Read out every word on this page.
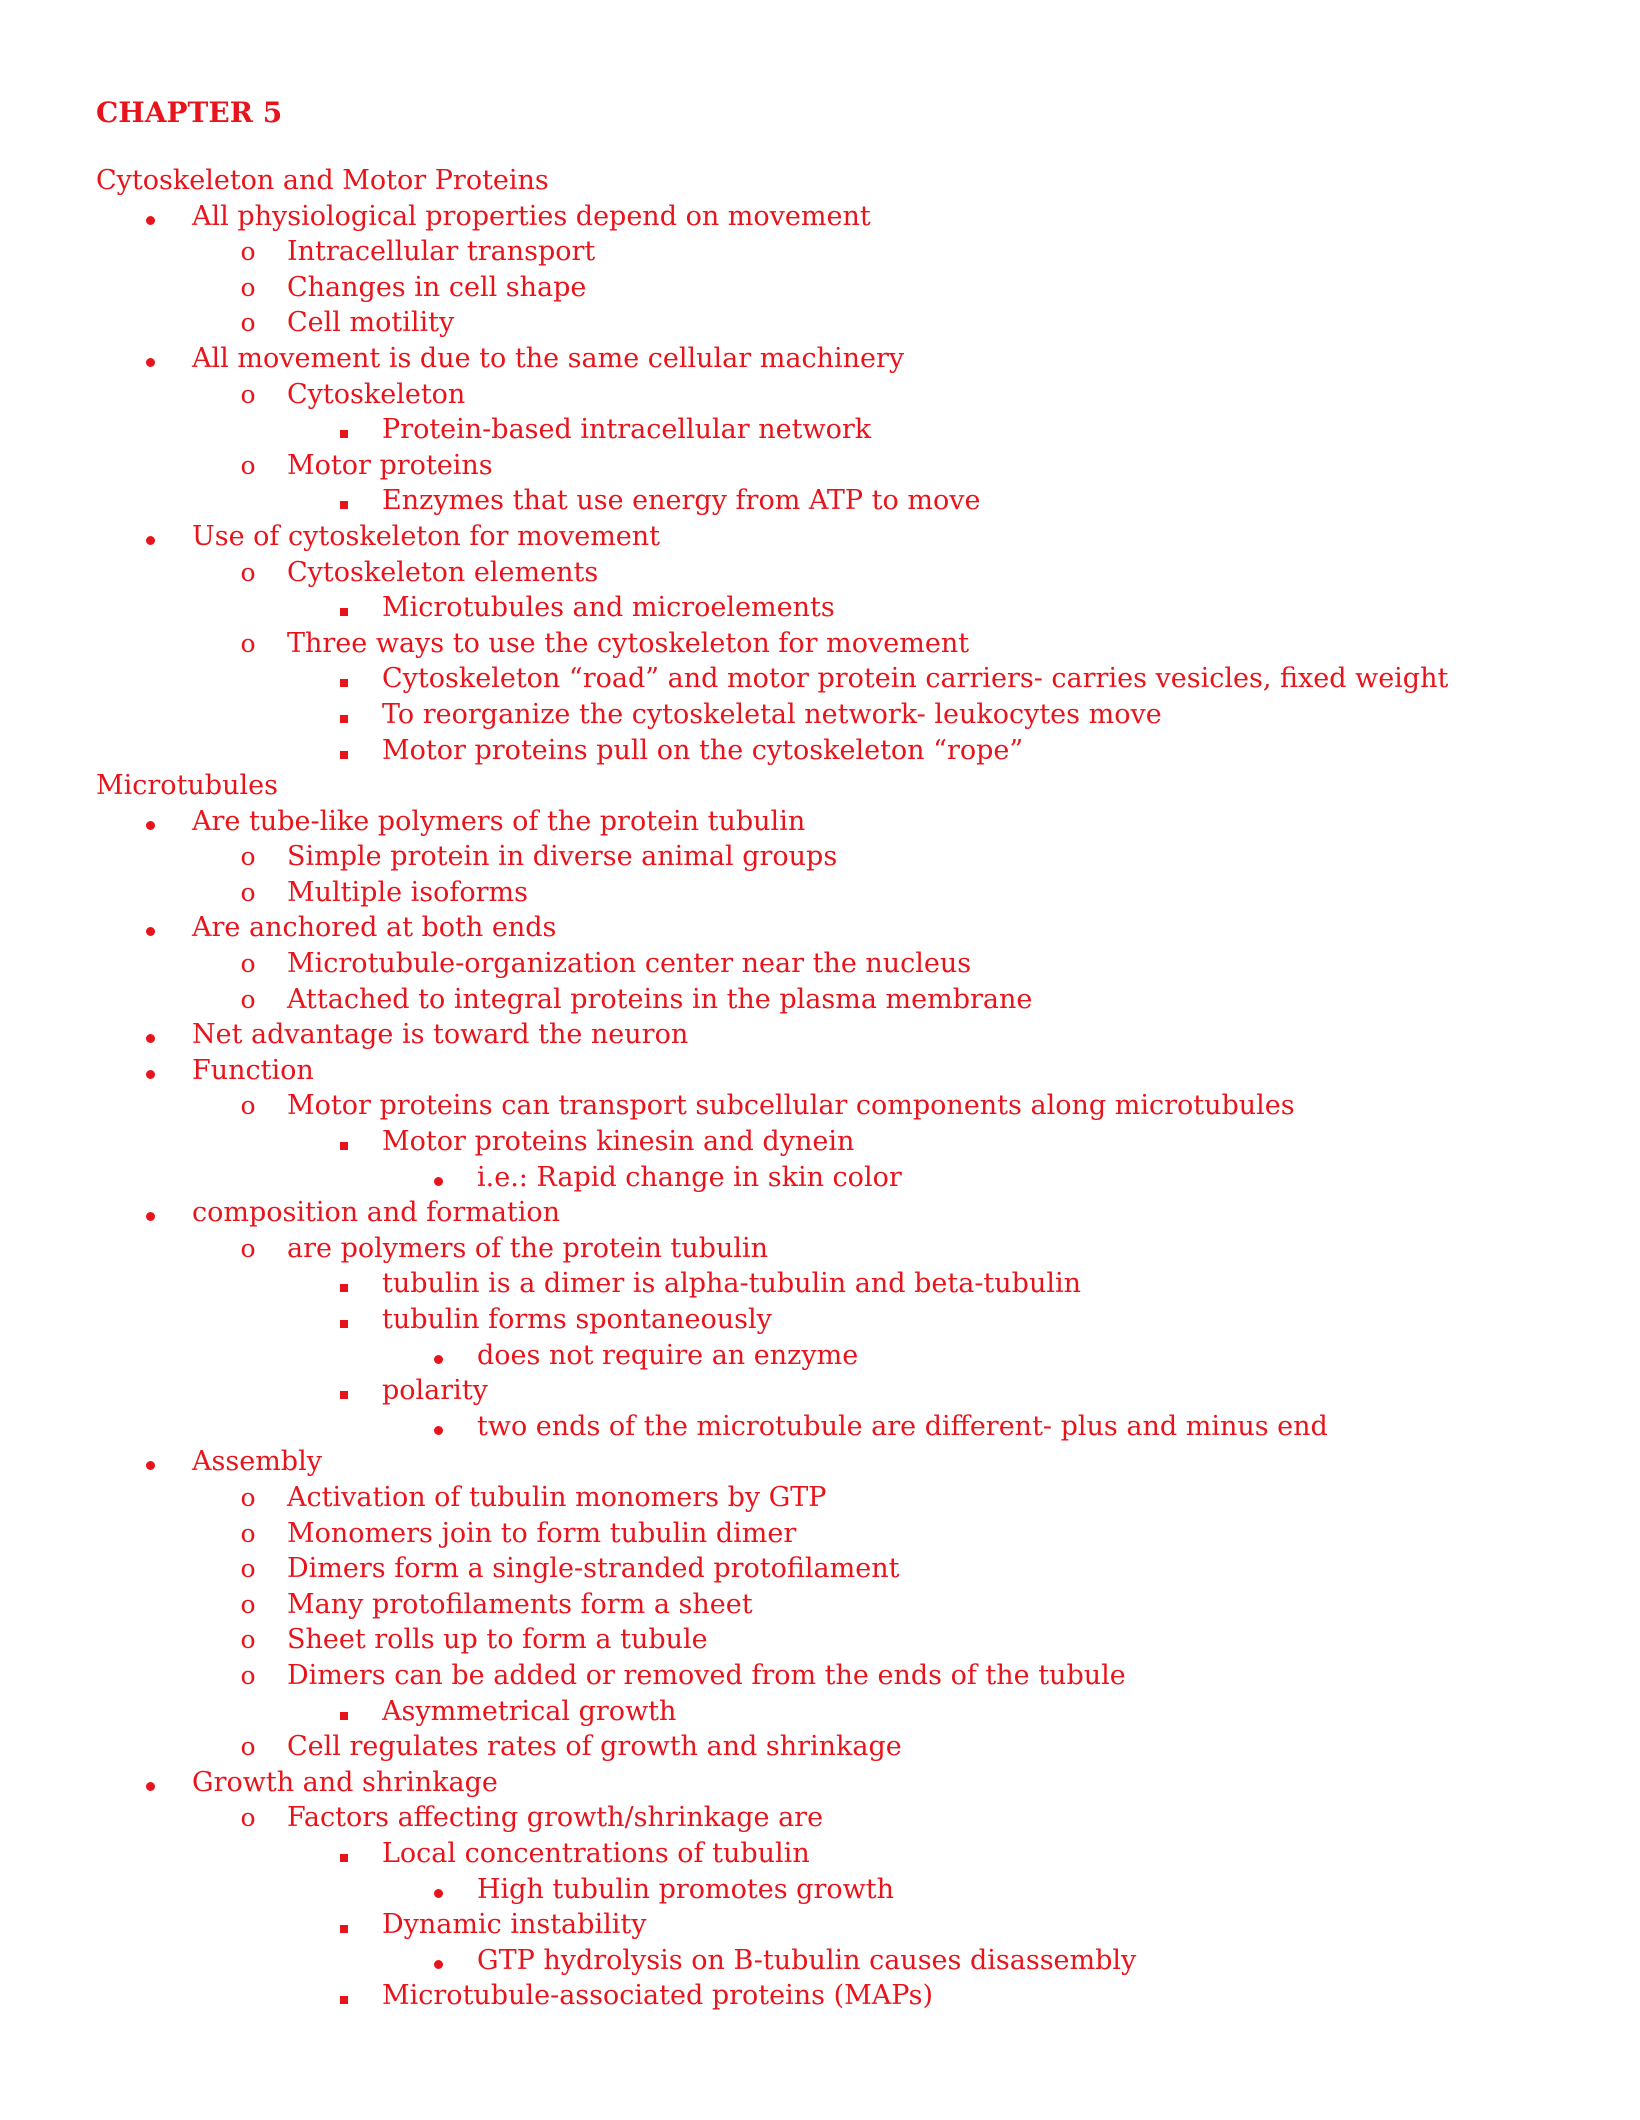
CHAPTER 5
Cytoskeleton and Motor Proteins
All physiological properties depend on movement
o Intracellular transport
o Changes in cell shape
o Cell motility
All movement is due to the same cellular machinery
o Cytoskeleton
Protein-based intracellular network
o Motor proteins
Enzymes that use energy from ATP to move
Use of cytoskeleton for movement
o Cytoskeleton elements
Microtubules and microelements
o Three ways to use the cytoskeleton for movement
Cytoskeleton “road” and motor protein carriers- carries vesicles, fixed weight
To reorganize the cytoskeletal network- leukocytes move
Motor proteins pull on the cytoskeleton “rope”
Microtubules
Are tube-like polymers of the protein tubulin
o Simple protein in diverse animal groups
o Multiple isoforms
Are anchored at both ends
o Microtubule-organization center near the nucleus
o Attached to integral proteins in the plasma membrane
Net advantage is toward the neuron
Function
o Motor proteins can transport subcellular components along microtubules
Motor proteins kinesin and dynein
i.e.: Rapid change in skin color
composition and formation
o are polymers of the protein tubulin
tubulin is a dimer is alpha-tubulin and beta-tubulin
tubulin forms spontaneously
does not require an enzyme
polarity
two ends of the microtubule are different- plus and minus end
Assembly
o Activation of tubulin monomers by GTP
o Monomers join to form tubulin dimer
o Dimers form a single-stranded protofilament
o Many protofilaments form a sheet
o Sheet rolls up to form a tubule
o Dimers can be added or removed from the ends of the tubule
Asymmetrical growth
o Cell regulates rates of growth and shrinkage
Growth and shrinkage
o Factors affecting growth/shrinkage are
Local concentrations of tubulin
High tubulin promotes growth
Dynamic instability
GTP hydrolysis on B-tubulin causes disassembly
Microtubule-associated proteins (MAPs)
